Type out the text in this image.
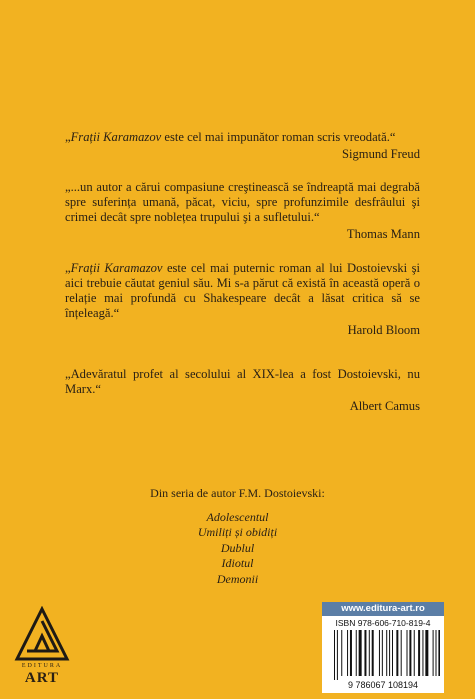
„Frații Karamazov este cel mai impunător roman scris vreodată.“

Sigmund Freud

„...un autor a cărui compasiune creştinească se îndreaptă mai degrabă spre suferința umană, păcat, viciu, spre profunzimile desfrâului şi crimei decât spre noblețea trupului şi a sufletului.“

Thomas Mann

„Frații Karamazov este cel mai puternic roman al lui Dostoievski şi aici trebuie căutat geniul său. Mi s-a părut că există în această operă o relație mai profundă cu Shakespeare decât a lăsat critica să se înțeleagă.“

Harold Bloom

„Adevăratul profet al secolului al XIX-lea a fost Dostoievski, nu Marx.“

Albert Camus
Din seria de autor F.M. Dostoievski:
Adolescentul
Umiliți și obidiți
Dublul
Idiotul
Demonii
EDITURA
ART
www.editura-art.ro
ISBN 978-606-710-819-4
9 786067 108194
